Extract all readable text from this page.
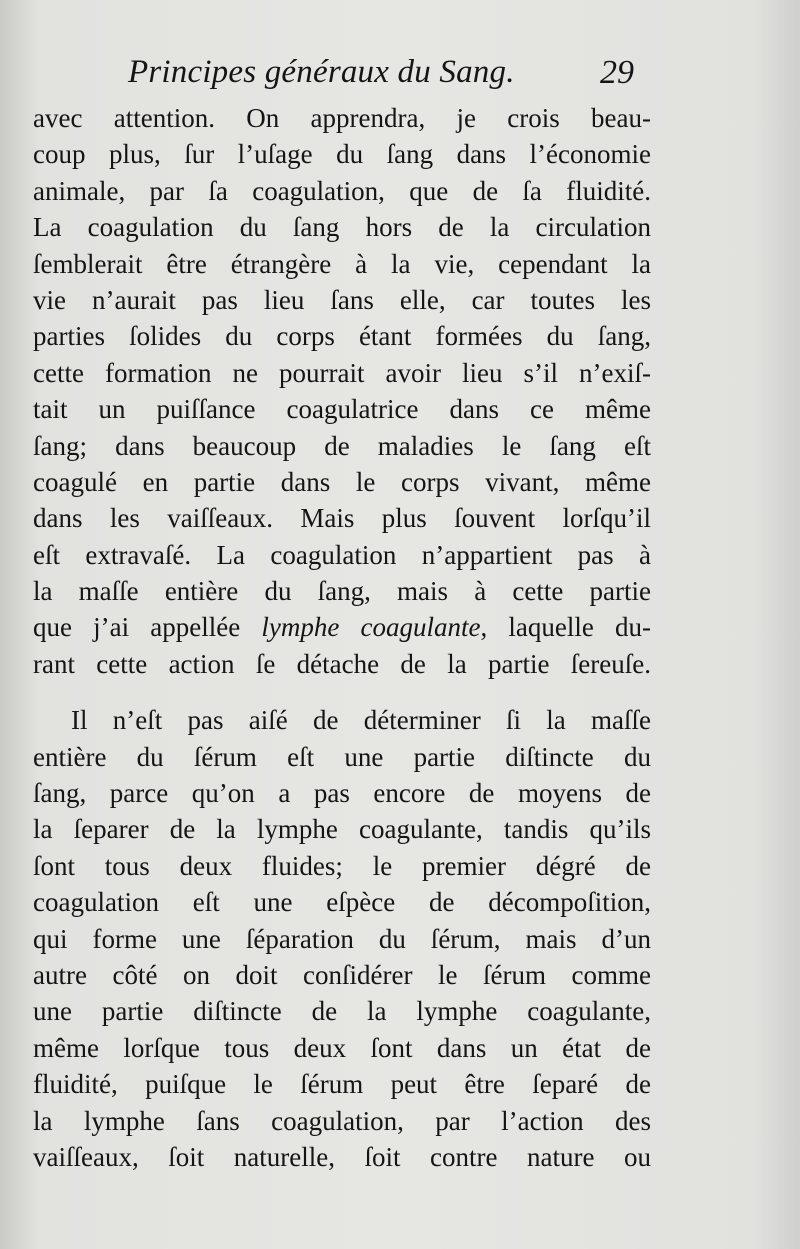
Principes généraux du Sang.	29
avec attention. On apprendra, je crois beau-
coup plus, ſur l’uſage du ſang dans l’économie
animale, par ſa coagulation, que de ſa fluidité.
La coagulation du ſang hors de la circulation
ſemblerait être étrangère à la vie, cependant la
vie n’aurait pas lieu ſans elle, car toutes les
parties ſolides du corps étant formées du ſang,
cette formation ne pourrait avoir lieu s’il n’exiſ-
tait un puiſſance coagulatrice dans ce même
ſang; dans beaucoup de maladies le ſang eſt
coagulé en partie dans le corps vivant, même
dans les vaiſſeaux. Mais plus ſouvent lorſqu’il
eſt extravaſé. La coagulation n’appartient pas à
la maſſe entière du ſang, mais à cette partie
que j’ai appellée lymphe coagulante, laquelle du-
rant cette action ſe détache de la partie ſereuſe.
Il n’eſt pas aiſé de déterminer ſi la maſſe
entière du ſérum eſt une partie diſtincte du
ſang, parce qu’on a pas encore de moyens de
la ſeparer de la lymphe coagulante, tandis qu’ils
ſont tous deux fluides; le premier dégré de
coagulation eſt une eſpèce de décompoſition,
qui forme une ſéparation du ſérum, mais d’un
autre côté on doit conſidérer le ſérum comme
une partie diſtincte de la lymphe coagulante,
même lorſque tous deux ſont dans un état de
fluidité, puiſque le ſérum peut être ſeparé de
la lymphe ſans coagulation, par l’action des
vaiſſeaux, ſoit naturelle, ſoit contre nature ou
